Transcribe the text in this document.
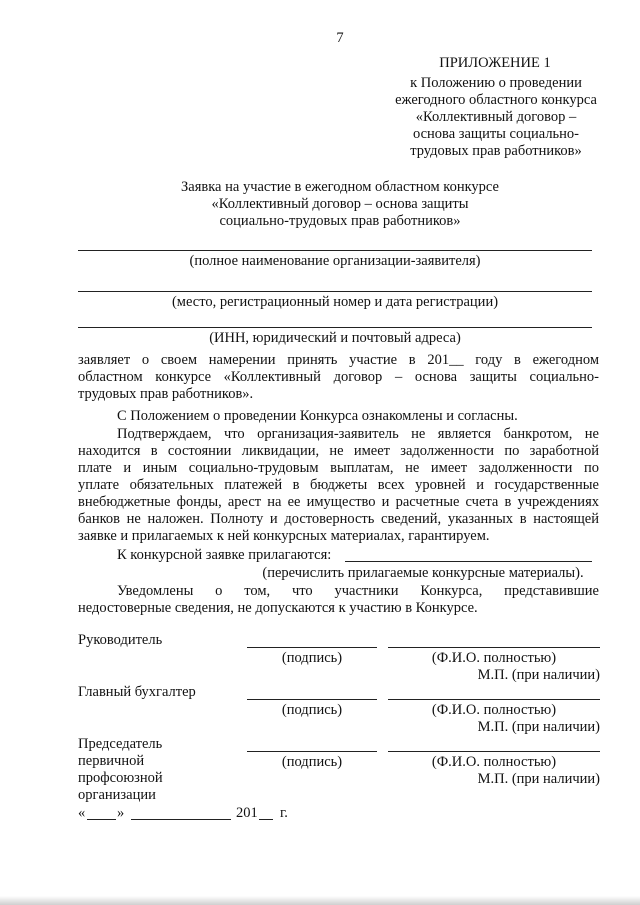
7
ПРИЛОЖЕНИЕ 1
к Положению о проведении
ежегодного областного конкурса
«Коллективный договор –
основа защиты социально-
трудовых прав работников»
Заявка на участие в ежегодном областном конкурсе
«Коллективный договор – основа защиты
социально-трудовых прав работников»
(полное наименование организации-заявителя)
(место, регистрационный номер и дата регистрации)
(ИНН, юридический и почтовый адреса)
заявляет о своем намерении принять участие в 201__ году в ежегодном
областном конкурсе «Коллективный договор – основа защиты социально-
трудовых прав работников».
С Положением о проведении Конкурса ознакомлены и согласны.
Подтверждаем, что организация-заявитель не является банкротом, не
находится в состоянии ликвидации, не имеет задолженности по заработной
плате и иным социально-трудовым выплатам, не имеет задолженности по
уплате обязательных платежей в бюджеты всех уровней и государственные
внебюджетные фонды, арест на ее имущество и расчетные счета в учреждениях
банков не наложен. Полноту и достоверность сведений, указанных в настоящей
заявке и прилагаемых к ней конкурсных материалах, гарантируем.
К конкурсной заявке прилагаются:
(перечислить прилагаемые конкурсные материалы).
Уведомлены о том, что участники Конкурса, представившие
недостоверные сведения, не допускаются к участию в Конкурсе.
Руководитель
(подпись)	(Ф.И.О. полностью)
М.П. (при наличии)
Главный бухгалтер
(подпись)	(Ф.И.О. полностью)
М.П. (при наличии)
Председатель
первичной
профсоюзной
организации
(подпись)	(Ф.И.О. полностью)
М.П. (при наличии)
« »	201 г.
